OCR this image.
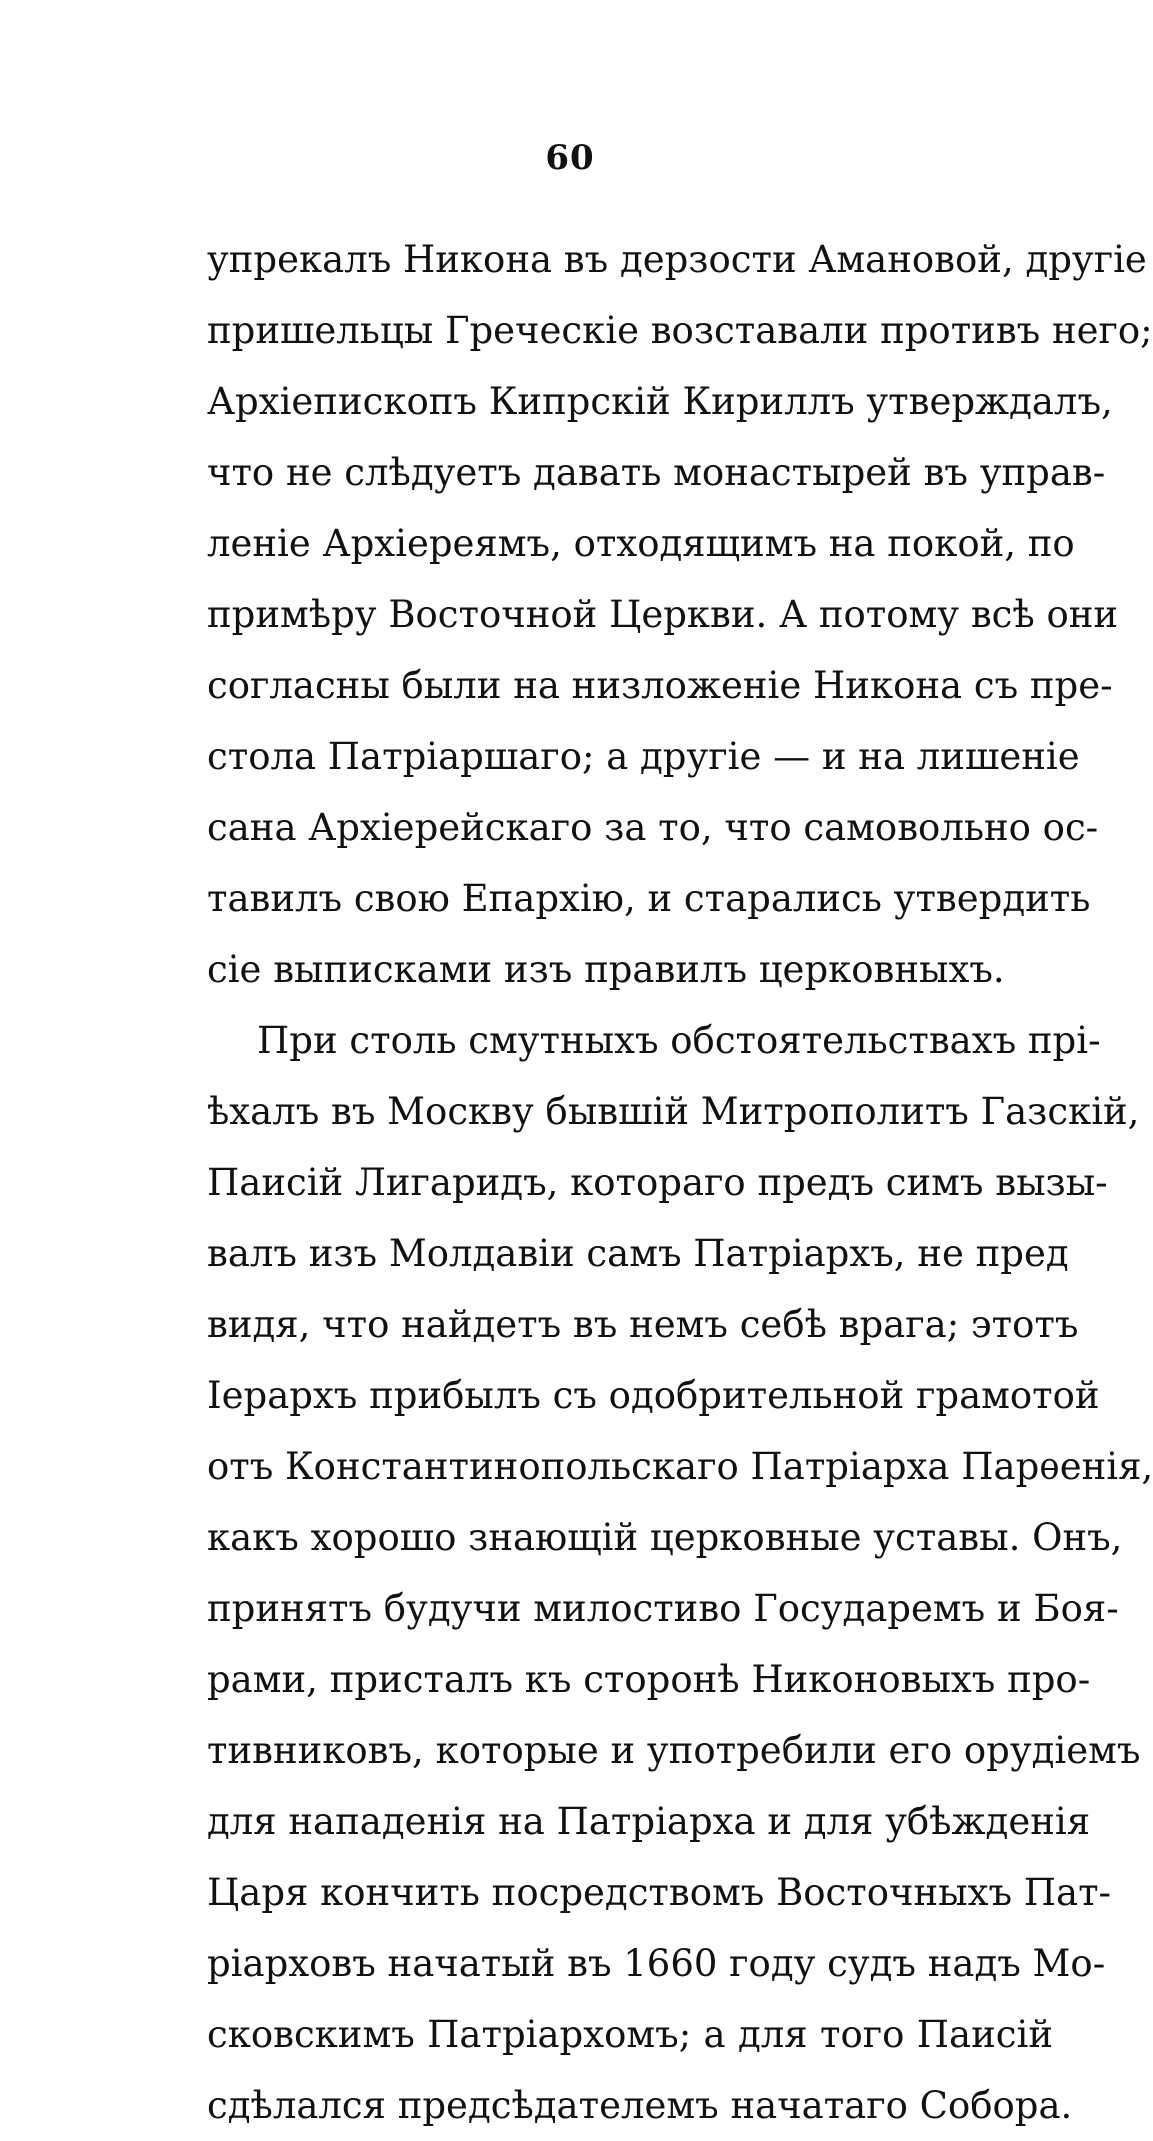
60
упрекалъ Никона въ дерзости Амановой, другіе
пришельцы Греческіе возставали противъ него;
Архіепископъ Кипрскій Кириллъ утверждалъ,
что не слѣдуетъ давать монастырей въ управ-
леніе Архіереямъ, отходящимъ на покой, по
примѣру Восточной Церкви. А потому всѣ они
согласны были на низложеніе Никона съ пре-
стола Патріаршаго; а другіе — и на лишеніе
сана Архіерейскаго за то, что самовольно ос-
тавилъ свою Епархію, и старались утвердить
сіе выписками изъ правилъ церковныхъ.
При столь смутныхъ обстоятельствахъ прі-
ѣхалъ въ Москву бывшій Митрополитъ Газскій,
Паисій Лигаридъ, котораго предъ симъ вызы-
валъ изъ Молдавіи самъ Патріархъ, не пред
видя, что найдетъ въ немъ себѣ врага; этотъ
Іерархъ прибылъ съ одобрительной грамотой
отъ Константинопольскаго Патріарха Парѳенія,
какъ хорошо знающій церковные уставы. Онъ,
принятъ будучи милостиво Государемъ и Боя-
рами, присталъ къ сторонѣ Никоновыхъ про-
тивниковъ, которые и употребили его орудіемъ
для нападенія на Патріарха и для убѣжденія
Царя кончить посредствомъ Восточныхъ Пат-
ріарховъ начатый въ 1660 году судъ надъ Мо-
сковскимъ Патріархомъ; а для того Паисій
сдѣлался предсѣдателемъ начатаго Собора.
